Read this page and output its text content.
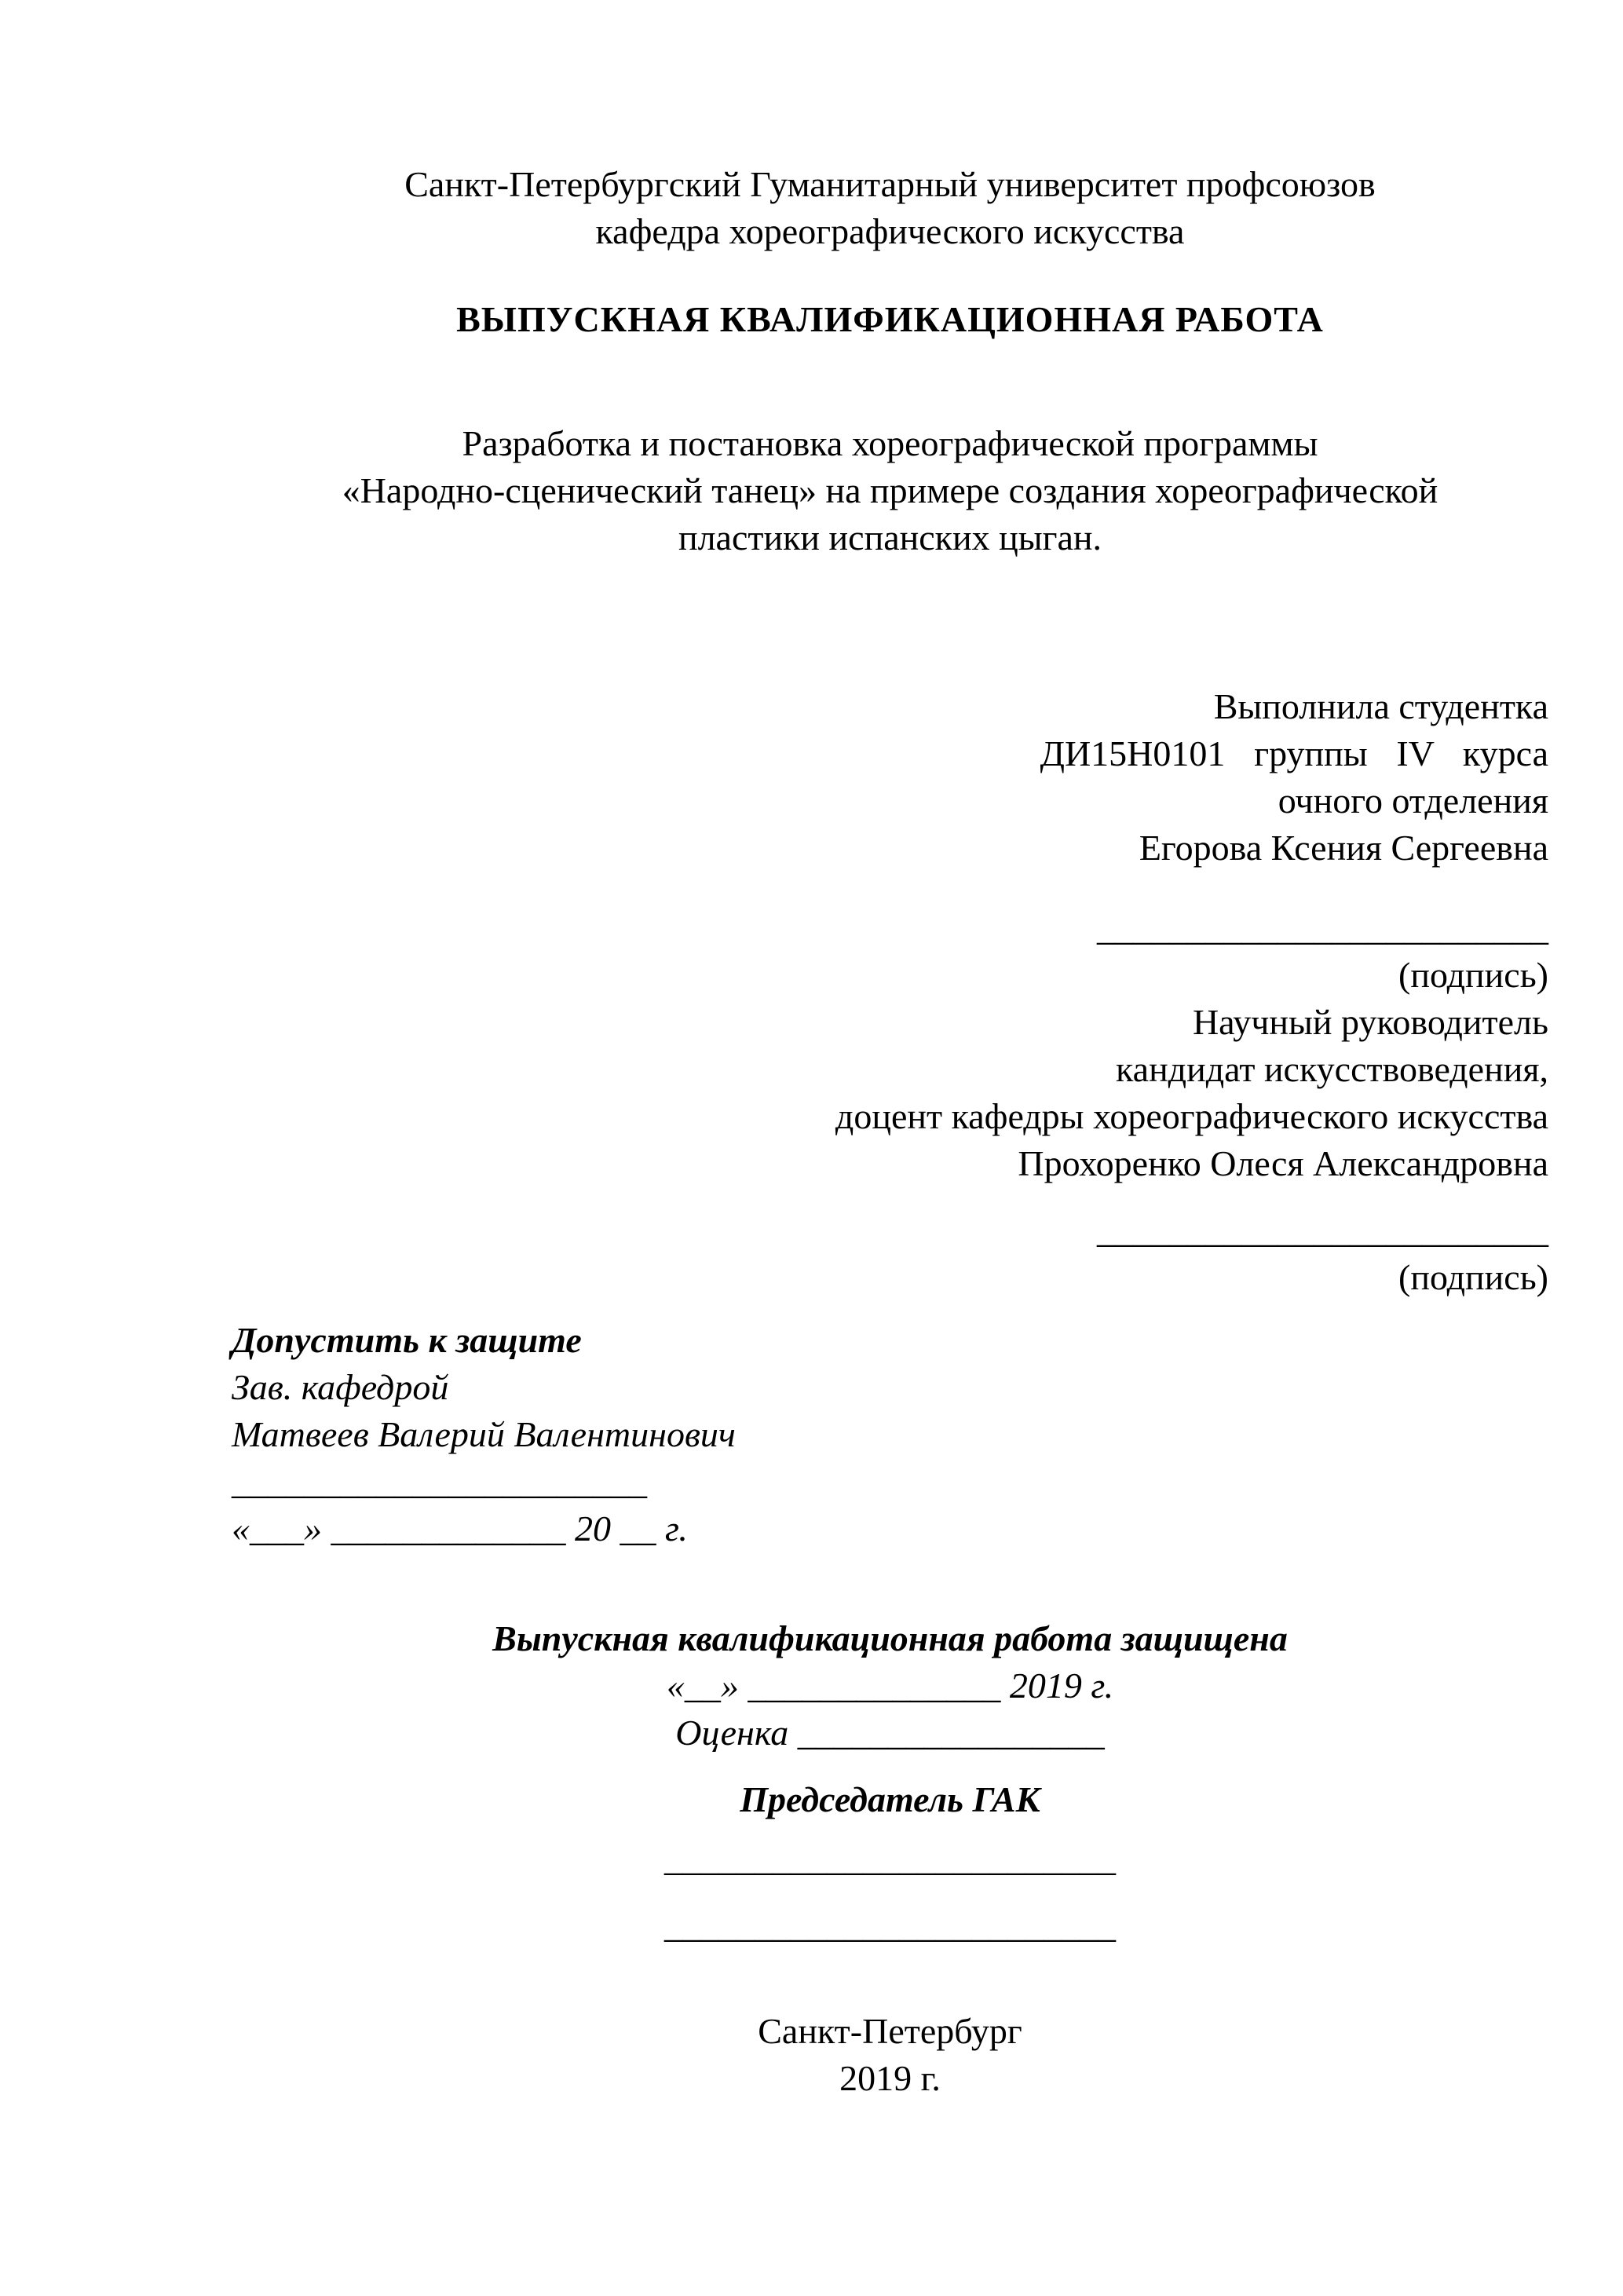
Санкт-Петербургский Гуманитарный университет профсоюзов
кафедра хореографического искусства
ВЫПУСКНАЯ КВАЛИФИКАЦИОННАЯ РАБОТА
Разработка и постановка хореографической программы
«Народно-сценический танец» на примере создания хореографической
пластики испанских цыган.
Выполнила студентка
ДИ15Н0101 группы IV курса
очного отделения
Егорова Ксения Сергеевна
_________________________
(подпись)
Научный руководитель
кандидат искусствоведения,
доцент кафедры хореографического искусства
Прохоренко Олеся Александровна
_________________________
(подпись)
Допустить к защите
Зав. кафедрой
Матвеев Валерий Валентинович
_______________________
«___» _____________ 20 __ г.
Выпускная квалификационная работа защищена
«__» ______________ 2019 г.
Оценка _________________
Председатель ГАК
_________________________
_________________________
Санкт-Петербург
2019 г.
